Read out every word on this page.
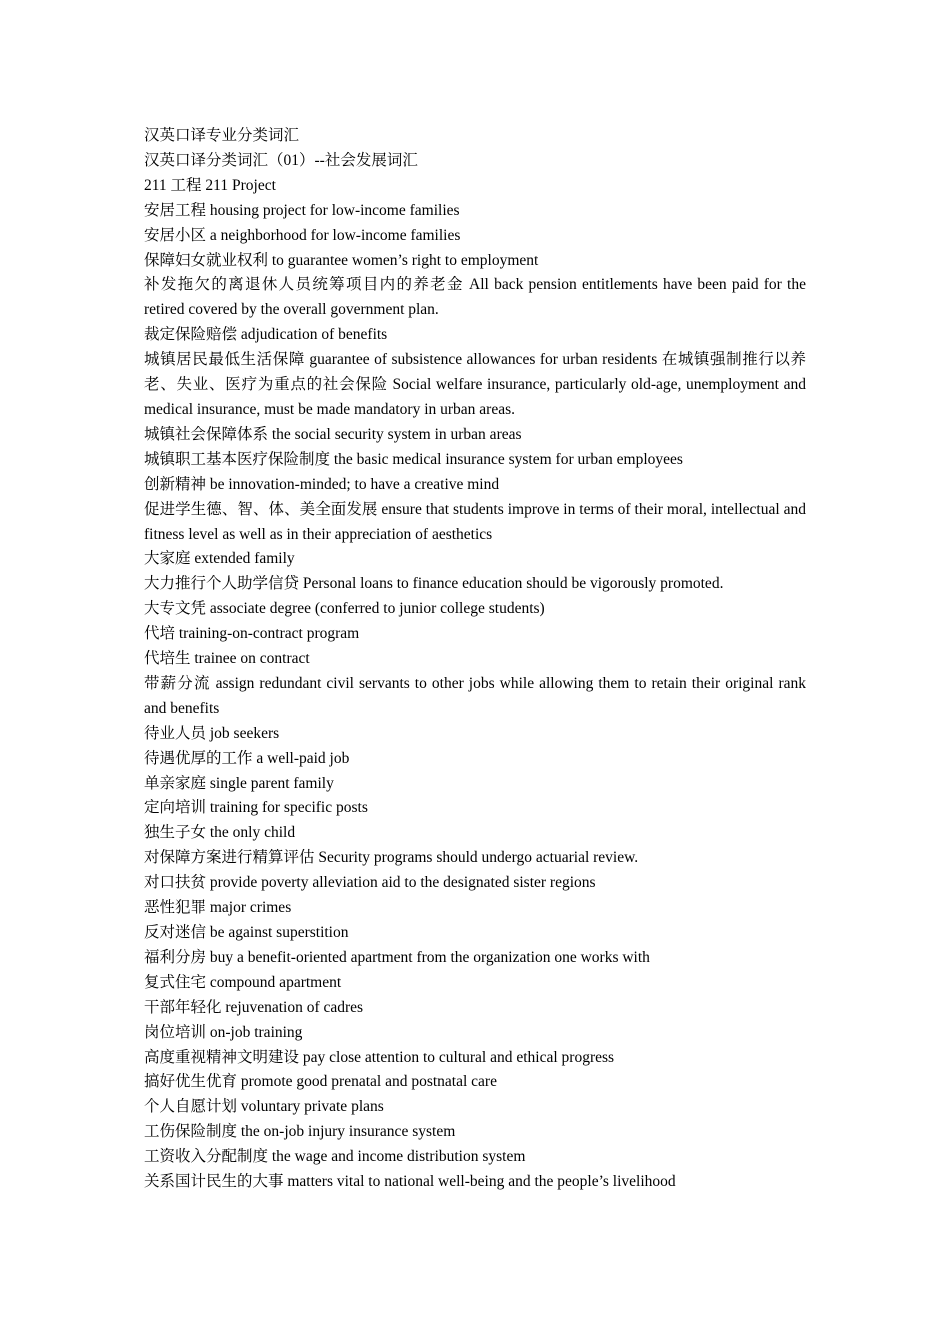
汉英口译专业分类词汇

汉英口译分类词汇（01）--社会发展词汇

211 工程 211 Project

安居工程 housing project for low-income families

安居小区 a neighborhood for low-income families

保障妇女就业权利 to guarantee women’s right to employment

补发拖欠的离退休人员统筹项目内的养老金 All back pension entitlements have been paid for the retired covered by the overall government plan.

裁定保险赔偿 adjudication of benefits

城镇居民最低生活保障 guarantee of subsistence allowances for urban residents 在城镇强制推行以养老、失业、医疗为重点的社会保险 Social welfare insurance, particularly old-age, unemployment and medical insurance, must be made mandatory in urban areas.

城镇社会保障体系 the social security system in urban areas

城镇职工基本医疗保险制度 the basic medical insurance system for urban employees

创新精神 be innovation-minded; to have a creative mind

促进学生德、智、体、美全面发展 ensure that students improve in terms of their moral, intellectual and fitness level as well as in their appreciation of aesthetics

大家庭 extended family

大力推行个人助学信贷 Personal loans to finance education should be vigorously promoted.

大专文凭 associate degree (conferred to junior college students)

代培 training-on-contract program

代培生 trainee on contract

带薪分流 assign redundant civil servants to other jobs while allowing them to retain their original rank and benefits

待业人员 job seekers

待遇优厚的工作 a well-paid job

单亲家庭 single parent family

定向培训 training for specific posts

独生子女 the only child

对保障方案进行精算评估 Security programs should undergo actuarial review.

对口扶贫 provide poverty alleviation aid to the designated sister regions

恶性犯罪 major crimes

反对迷信 be against superstition

福利分房 buy a benefit-oriented apartment from the organization one works with

复式住宅 compound apartment

干部年轻化 rejuvenation of cadres

岗位培训 on-job training

高度重视精神文明建设 pay close attention to cultural and ethical progress

搞好优生优育 promote good prenatal and postnatal care

个人自愿计划 voluntary private plans

工伤保险制度 the on-job injury insurance system

工资收入分配制度 the wage and income distribution system

关系国计民生的大事 matters vital to national well-being and the people’s livelihood
